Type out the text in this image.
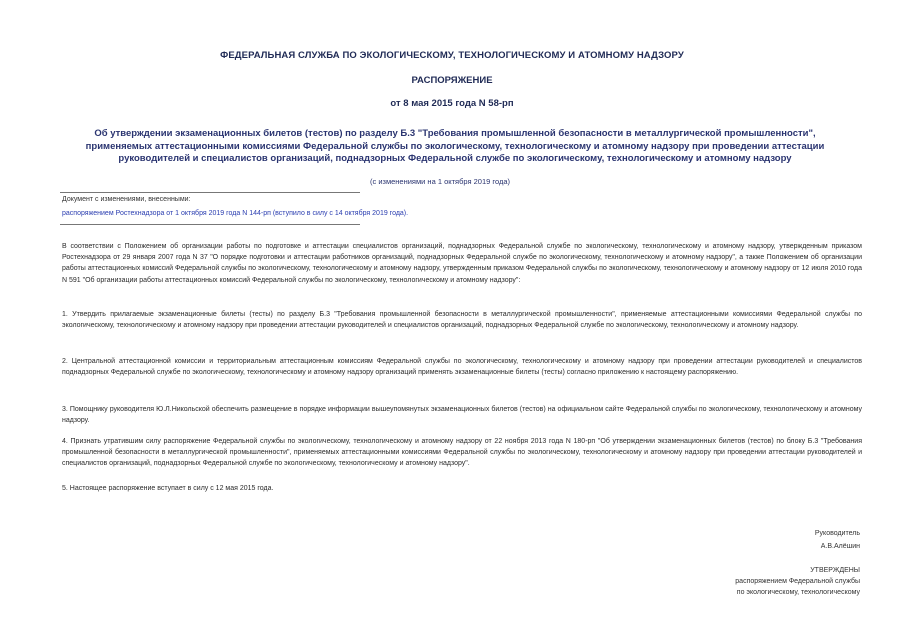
ФЕДЕРАЛЬНАЯ СЛУЖБА ПО ЭКОЛОГИЧЕСКОМУ, ТЕХНОЛОГИЧЕСКОМУ И АТОМНОМУ НАДЗОРУ
РАСПОРЯЖЕНИЕ
от 8 мая 2015 года N 58-рп
Об утверждении экзаменационных билетов (тестов) по разделу Б.3 "Требования промышленной безопасности в металлургической промышленности", применяемых аттестационными комиссиями Федеральной службы по экологическому, технологическому и атомному надзору при проведении аттестации руководителей и специалистов организаций, поднадзорных Федеральной службе по экологическому, технологическому и атомному надзору
(с изменениями на 1 октября 2019 года)
Документ с изменениями, внесенными:
распоряжением Ростехнадзора от 1 октября 2019 года N 144-рп (вступило в силу с 14 октября 2019 года).
В соответствии с Положением об организации работы по подготовке и аттестации специалистов организаций, поднадзорных Федеральной службе по экологическому, технологическому и атомному надзору, утвержденным приказом Ростехнадзора от 29 января 2007 года N 37 "О порядке подготовки и аттестации работников организаций, поднадзорных Федеральной службе по экологическому, технологическому и атомному надзору", а также Положением об организации работы аттестационных комиссий Федеральной службы по экологическому, технологическому и атомному надзору, утвержденным приказом Федеральной службы по экологическому, технологическому и атомному надзору от 12 июля 2010 года N 591 "Об организации работы аттестационных комиссий Федеральной службы по экологическому, технологическому и атомному надзору":
1. Утвердить прилагаемые экзаменационные билеты (тесты) по разделу Б.3 "Требования промышленной безопасности в металлургической промышленности", применяемые аттестационными комиссиями Федеральной службы по экологическому, технологическому и атомному надзору при проведении аттестации руководителей и специалистов организаций, поднадзорных Федеральной службе по экологическому, технологическому и атомному надзору.
2. Центральной аттестационной комиссии и территориальным аттестационным комиссиям Федеральной службы по экологическому, технологическому и атомному надзору при проведении аттестации руководителей и специалистов поднадзорных Федеральной службе по экологическому, технологическому и атомному надзору организаций применять экзаменационные билеты (тесты) согласно приложению к настоящему распоряжению.
3. Помощнику руководителя Ю.Л.Никольской обеспечить размещение в порядке информации вышеупомянутых экзаменационных билетов (тестов) на официальном сайте Федеральной службы по экологическому, технологическому и атомному надзору.
4. Признать утратившим силу распоряжение Федеральной службы по экологическому, технологическому и атомному надзору от 22 ноября 2013 года N 180-рп "Об утверждении экзаменационных билетов (тестов) по блоку Б.3 "Требования промышленной безопасности в металлургической промышленности", применяемых аттестационными комиссиями Федеральной службы по экологическому, технологическому и атомному надзору при проведении аттестации руководителей и специалистов организаций, поднадзорных Федеральной службе по экологическому, технологическому и атомному надзору".
5. Настоящее распоряжение вступает в силу с 12 мая 2015 года.
Руководитель
А.В.Алёшин
УТВЕРЖДЕНЫ
распоряжением Федеральной службы
по экологическому, технологическому
